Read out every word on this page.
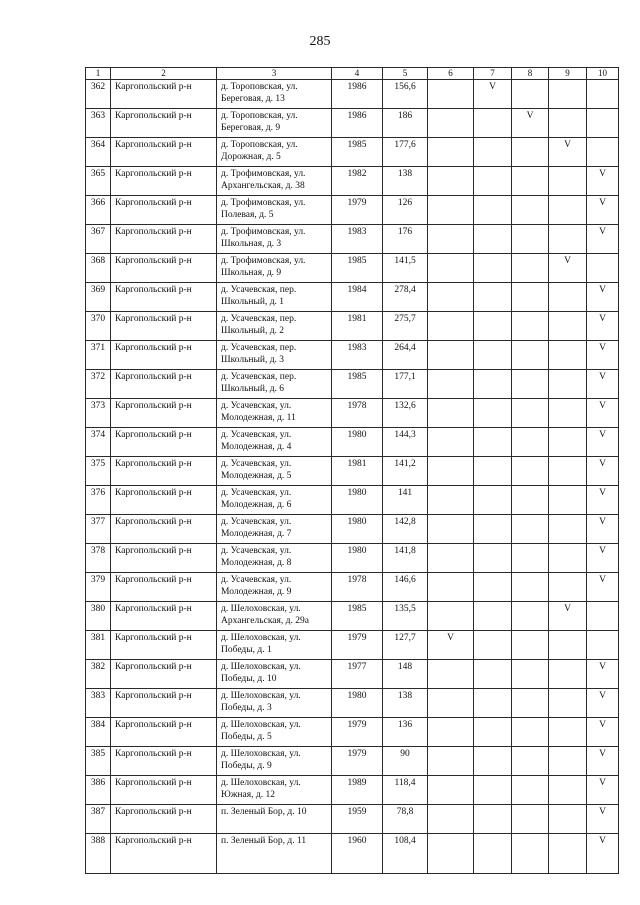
285
1	2	3	4	5	6	7	8	9	10
362	Каргопольский р-н	д. Тороповская, ул. Береговая, д. 13	1986	156,6		V			
363	Каргопольский р-н	д. Тороповская, ул. Береговая, д. 9	1986	186			V		
364	Каргопольский р-н	д. Тороповская, ул. Дорожная, д. 5	1985	177,6				V	
365	Каргопольский р-н	д. Трофимовская, ул. Архангельская, д. 38	1982	138					V
366	Каргопольский р-н	д. Трофимовская, ул. Полевая, д. 5	1979	126					V
367	Каргопольский р-н	д. Трофимовская, ул. Школьная, д. 3	1983	176					V
368	Каргопольский р-н	д. Трофимовская, ул. Школьная, д. 9	1985	141,5				V	
369	Каргопольский р-н	д. Усачевская, пер. Школьный, д. 1	1984	278,4					V
370	Каргопольский р-н	д. Усачевская, пер. Школьный, д. 2	1981	275,7					V
371	Каргопольский р-н	д. Усачевская, пер. Школьный, д. 3	1983	264,4					V
372	Каргопольский р-н	д. Усачевская, пер. Школьный, д. 6	1985	177,1					V
373	Каргопольский р-н	д. Усачевская, ул. Молодежная, д. 11	1978	132,6					V
374	Каргопольский р-н	д. Усачевская, ул. Молодежная, д. 4	1980	144,3					V
375	Каргопольский р-н	д. Усачевская, ул. Молодежная, д. 5	1981	141,2					V
376	Каргопольский р-н	д. Усачевская, ул. Молодежная, д. 6	1980	141					V
377	Каргопольский р-н	д. Усачевская, ул. Молодежная, д. 7	1980	142,8					V
378	Каргопольский р-н	д. Усачевская, ул. Молодежная, д. 8	1980	141,8					V
379	Каргопольский р-н	д. Усачевская, ул. Молодежная, д. 9	1978	146,6					V
380	Каргопольский р-н	д. Шелоховская, ул. Архангельская, д. 29а	1985	135,5				V	
381	Каргопольский р-н	д. Шелоховская, ул. Победы, д. 1	1979	127,7	V				
382	Каргопольский р-н	д. Шелоховская, ул. Победы, д. 10	1977	148					V
383	Каргопольский р-н	д. Шелоховская, ул. Победы, д. 3	1980	138					V
384	Каргопольский р-н	д. Шелоховская, ул. Победы, д. 5	1979	136					V
385	Каргопольский р-н	д. Шелоховская, ул. Победы, д. 9	1979	90					V
386	Каргопольский р-н	д. Шелоховская, ул. Южная, д. 12	1989	118,4					V
387	Каргопольский р-н	п. Зеленый Бор, д. 10	1959	78,8					V
388	Каргопольский р-н	п. Зеленый Бор, д. 11	1960	108,4					V
